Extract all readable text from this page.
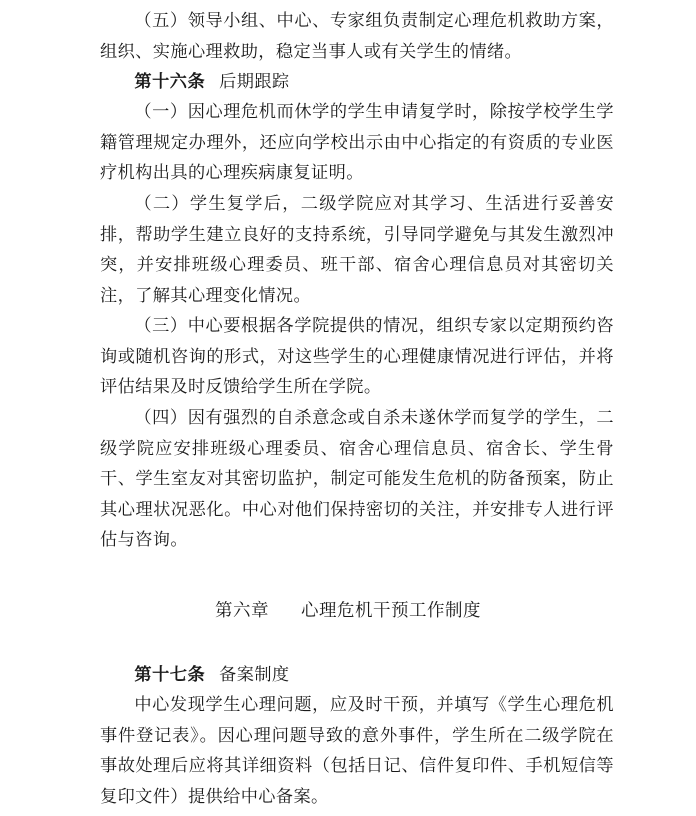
（五）领导小组、中心、专家组负责制定心理危机救助方案，组织、实施心理救助，稳定当事人或有关学生的情绪。

第十六条 后期跟踪

（一）因心理危机而休学的学生申请复学时，除按学校学生学籍管理规定办理外，还应向学校出示由中心指定的有资质的专业医疗机构出具的心理疾病康复证明。

（二）学生复学后，二级学院应对其学习、生活进行妥善安排，帮助学生建立良好的支持系统，引导同学避免与其发生激烈冲突，并安排班级心理委员、班干部、宿舍心理信息员对其密切关注，了解其心理变化情况。

（三）中心要根据各学院提供的情况，组织专家以定期预约咨询或随机咨询的形式，对这些学生的心理健康情况进行评估，并将评估结果及时反馈给学生所在学院。

（四）因有强烈的自杀意念或自杀未遂休学而复学的学生，二级学院应安排班级心理委员、宿舍心理信息员、宿舍长、学生骨干、学生室友对其密切监护，制定可能发生危机的防备预案，防止其心理状况恶化。中心对他们保持密切的关注，并安排专人进行评估与咨询。

第六章 心理危机干预工作制度

第十七条 备案制度

中心发现学生心理问题，应及时干预，并填写《学生心理危机事件登记表》。因心理问题导致的意外事件，学生所在二级学院在事故处理后应将其详细资料（包括日记、信件复印件、手机短信等复印文件）提供给中心备案。
